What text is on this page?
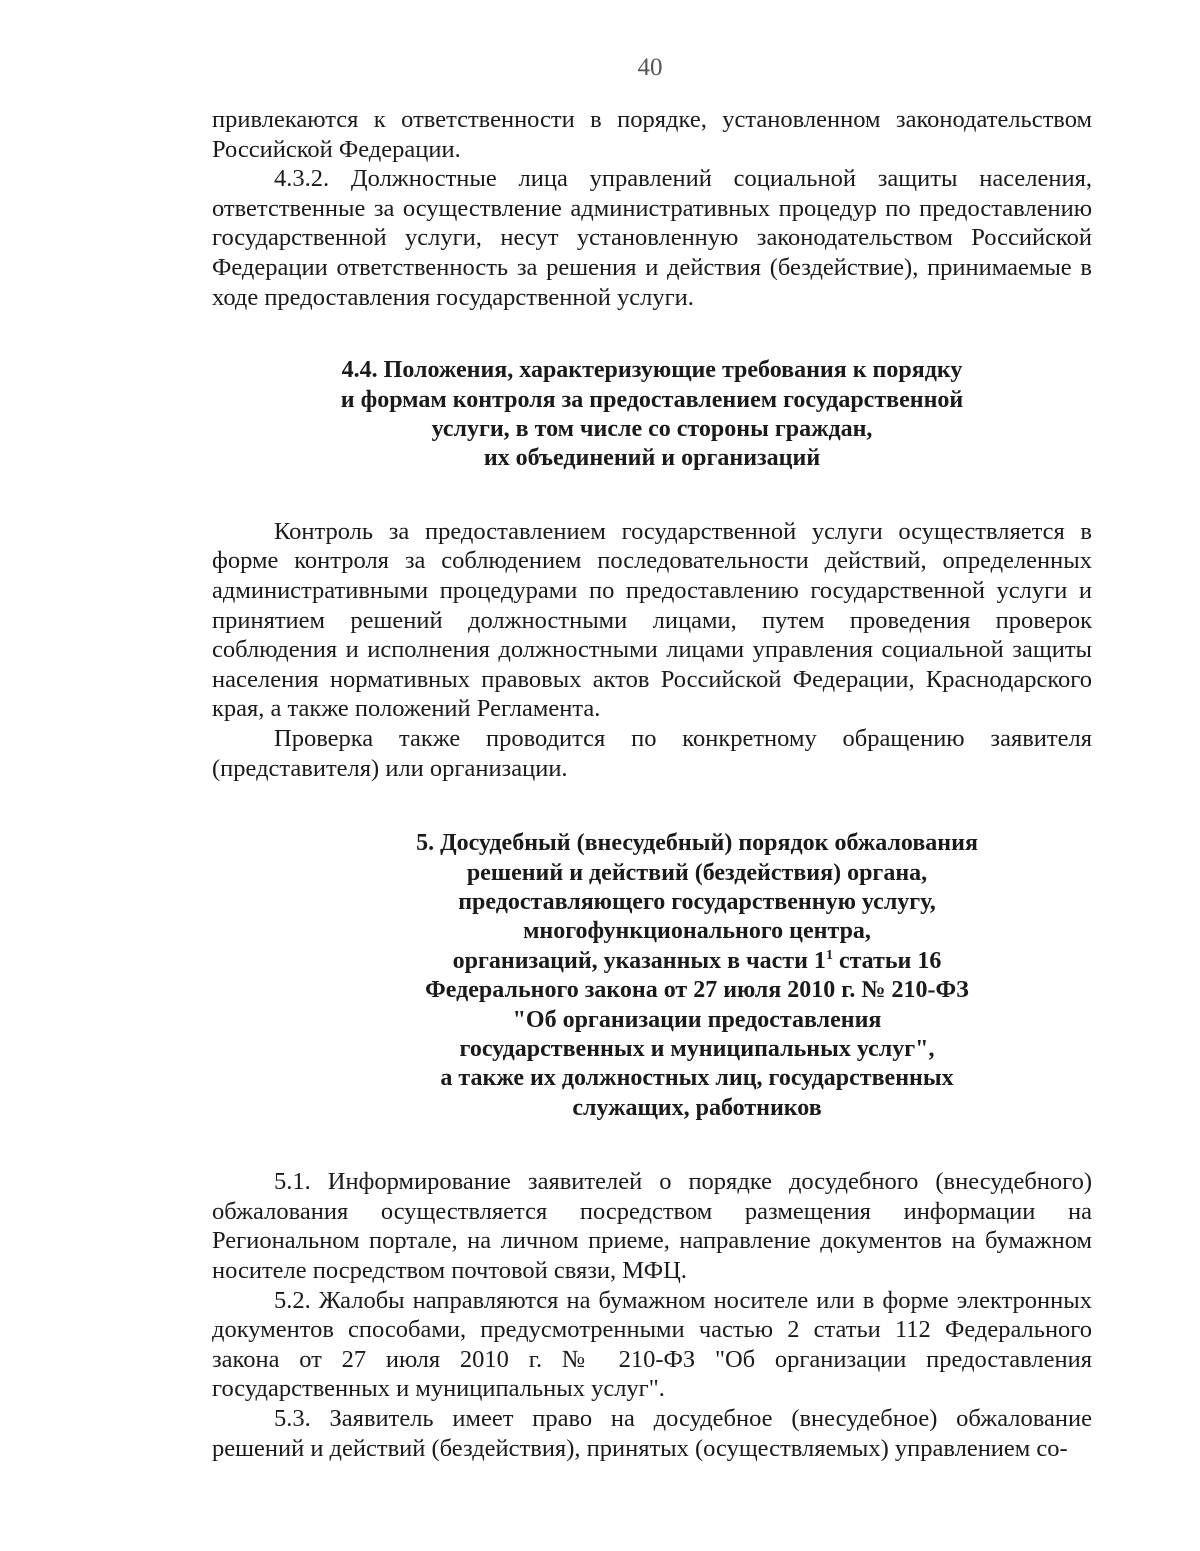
40

привлекаются к ответственности в порядке, установленном законодательством Российской Федерации.

4.3.2. Должностные лица управлений социальной защиты населения, ответственные за осуществление административных процедур по предоставлению государственной услуги, несут установленную законодательством Российской Федерации ответственность за решения и действия (бездействие), принимаемые в ходе предоставления государственной услуги.

4.4. Положения, характеризующие требования к порядку
и формам контроля за предоставлением государственной
услуги, в том числе со стороны граждан,
их объединений и организаций

Контроль за предоставлением государственной услуги осуществляется в форме контроля за соблюдением последовательности действий, определенных административными процедурами по предоставлению государственной услуги и принятием решений должностными лицами, путем проведения проверок соблюдения и исполнения должностными лицами управления социальной защиты населения нормативных правовых актов Российской Федерации, Краснодарского края, а также положений Регламента.

Проверка также проводится по конкретному обращению заявителя (представителя) или организации.

5. Досудебный (внесудебный) порядок обжалования
решений и действий (бездействия) органа,
предоставляющего государственную услугу,
многофункционального центра,
организаций, указанных в части $1^1$ статьи 16
Федерального закона от 27 июля 2010 г. № 210-ФЗ
"Об организации предоставления
государственных и муниципальных услуг",
а также их должностных лиц, государственных
служащих, работников

5.1. Информирование заявителей о порядке досудебного (внесудебного) обжалования осуществляется посредством размещения информации на Региональном портале, на личном приеме, направление документов на бумажном носителе посредством почтовой связи, МФЦ.

5.2. Жалобы направляются на бумажном носителе или в форме электронных документов способами, предусмотренными частью 2 статьи 112 Федерального закона от 27 июля 2010 г. № 210-ФЗ "Об организации предоставления государственных и муниципальных услуг".

5.3. Заявитель имеет право на досудебное (внесудебное) обжалование решений и действий (бездействия), принятых (осуществляемых) управлением со-
